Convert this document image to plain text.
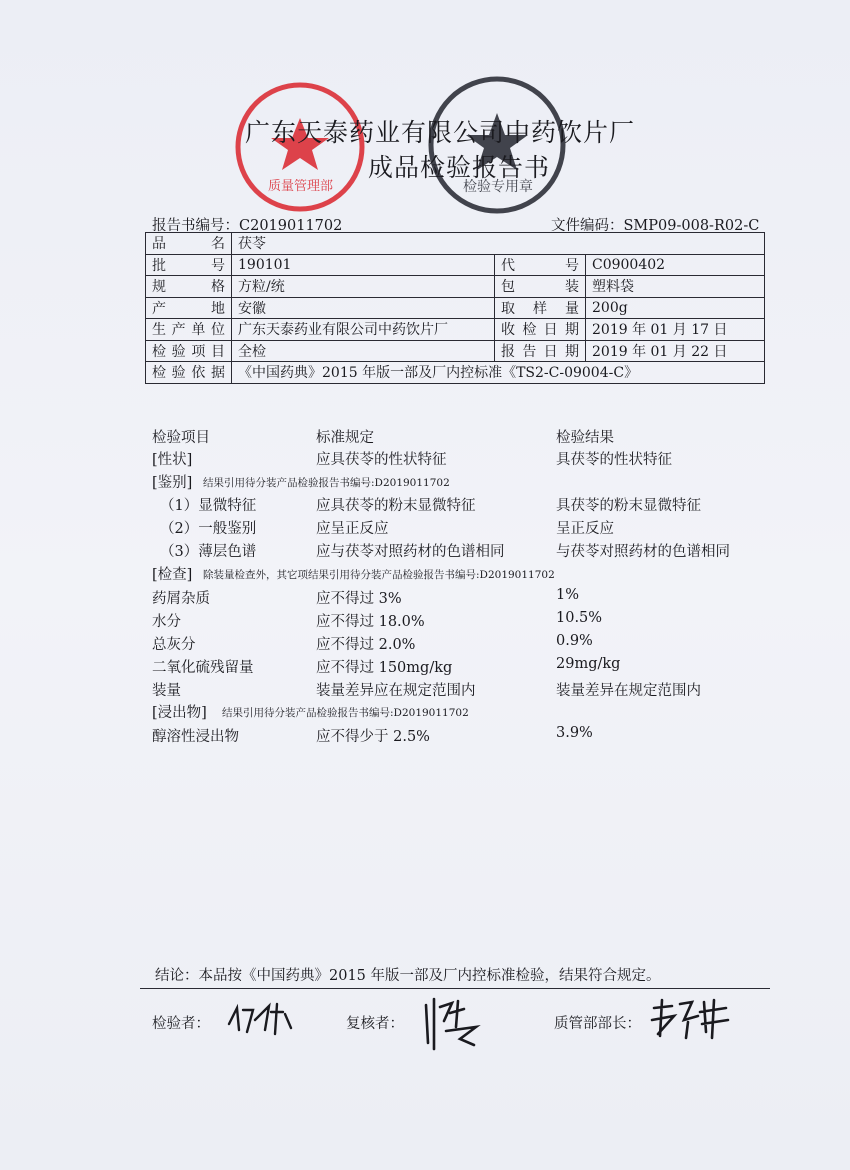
质量管理部	检验专用章
广东天泰药业有限公司中药饮片厂
成品检验报告书
报告书编号：C2019011702	文件编码：SMP09-008-R02-C
品　名	茯苓		
批　号	190101	代　号	C0900402
规　格	方粒/统	包　装	塑料袋
产　地	安徽	取样量	200g
生产单位	广东天泰药业有限公司中药饮片厂	收检日期	2019 年 01 月 17 日
检验项目	全检	报告日期	2019 年 01 月 22 日
检验依据	《中国药典》2015 年版一部及厂内控标准《TS2-C-09004-C》		
检验项目	标准规定	检验结果
[性状]	应具茯苓的性状特征	具茯苓的性状特征
[鉴别] 结果引用待分装产品检验报告书编号:D2019011702
（1）显微特征	应具茯苓的粉末显微特征	具茯苓的粉末显微特征
（2）一般鉴别	应呈正反应	呈正反应
（3）薄层色谱	应与茯苓对照药材的色谱相同	与茯苓对照药材的色谱相同
[检查] 除装量检查外，其它项结果引用待分装产品检验报告书编号:D2019011702
药屑杂质	应不得过 3%	1%
水分	应不得过 18.0%	10.5%
总灰分	应不得过 2.0%	0.9%
二氧化硫残留量	应不得过 150mg/kg	29mg/kg
装量	装量差异应在规定范围内	装量差异在规定范围内
[浸出物] 结果引用待分装产品检验报告书编号:D2019011702
醇溶性浸出物	应不得少于 2.5%	3.9%
结论：本品按《中国药典》2015 年版一部及厂内控标准检验，结果符合规定。
检验者：	复核者：	质管部部长：
